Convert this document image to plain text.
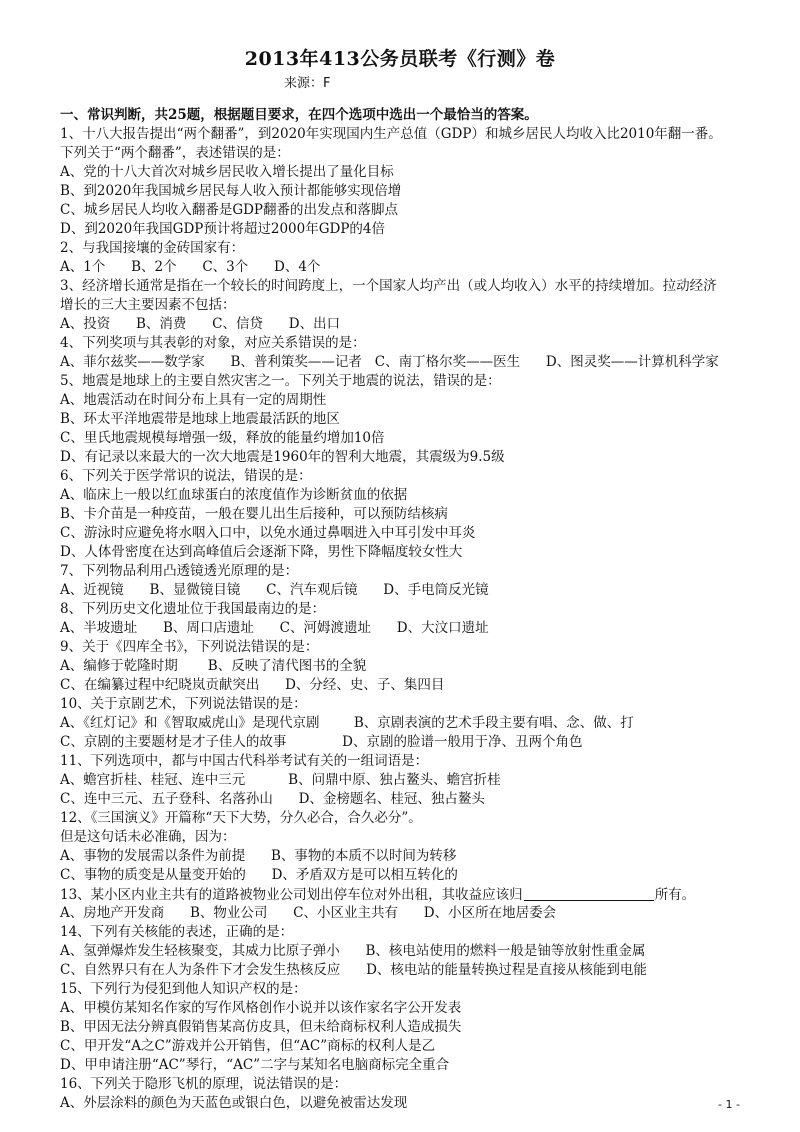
2013年413公务员联考《行测》卷
来源：F
一、常识判断，共25题，根据题目要求，在四个选项中选出一个最恰当的答案。
1、十八大报告提出“两个翻番”，到2020年实现国内生产总值（GDP）和城乡居民人均收入比2010年翻一番。
下列关于“两个翻番”，表述错误的是：
A、党的十八大首次对城乡居民收入增长提出了量化目标
B、到2020年我国城乡居民每人收入预计都能够实现倍增
C、城乡居民人均收入翻番是GDP翻番的出发点和落脚点
D、到2020年我国GDP预计将超过2000年GDP的4倍
2、与我国接壤的金砖国家有：
A、1个      B、2个      C、3个      D、4个
3、经济增长通常是指在一个较长的时间跨度上，一个国家人均产出（或人均收入）水平的持续增加。拉动经济
增长的三大主要因素不包括：
A、投资      B、消费      C、信贷      D、出口
4、下列奖项与其表彰的对象，对应关系错误的是：
A、菲尔兹奖——数学家      B、普利策奖——记者   C、南丁格尔奖——医生      D、图灵奖——计算机科学家
5、地震是地球上的主要自然灾害之一。下列关于地震的说法，错误的是：
A、地震活动在时间分布上具有一定的周期性
B、环太平洋地震带是地球上地震最活跃的地区
C、里氏地震规模每增强一级，释放的能量约增加10倍
D、有记录以来最大的一次大地震是1960年的智利大地震，其震级为9.5级
6、下列关于医学常识的说法，错误的是：
A、临床上一般以红血球蛋白的浓度值作为诊断贫血的依据
B、卡介苗是一种疫苗，一般在婴儿出生后接种，可以预防结核病
C、游泳时应避免将水咽入口中，以免水通过鼻咽进入中耳引发中耳炎
D、人体骨密度在达到高峰值后会逐渐下降，男性下降幅度较女性大
7、下列物品利用凸透镜透光原理的是：
A、近视镜      B、显微镜目镜      C、汽车观后镜      D、手电筒反光镜
8、下列历史文化遗址位于我国最南边的是：
A、半坡遗址      B、周口店遗址      C、河姆渡遗址      D、大汶口遗址
9、关于《四库全书》，下列说法错误的是：
A、编修于乾隆时期       B、反映了清代图书的全貌
C、在编纂过程中纪晓岚贡献突出      D、分经、史、子、集四目
10、关于京剧艺术，下列说法错误的是：
A、《红灯记》和《智取威虎山》是现代京剧        B、京剧表演的艺术手段主要有唱、念、做、打
C、京剧的主要题材是才子佳人的故事             D、京剧的脸谱一般用于净、丑两个角色
11、下列选项中，都与中国古代科举考试有关的一组词语是：
A、蟾宫折桂、桂冠、连中三元          B、问鼎中原、独占鳌头、蟾宫折桂
C、连中三元、五子登科、名落孙山      D、金榜题名、桂冠、独占鳌头
12、《三国演义》开篇称“天下大势，分久必合，合久必分”。
但是这句话未必准确，因为：
A、事物的发展需以条件为前提      B、事物的本质不以时间为转移
C、事物的质变是从量变开始的      D、矛盾双方是可以相互转化的
13、某小区内业主共有的道路被物业公司划出停车位对外出租，其收益应该归	所有。
A、房地产开发商      B、物业公司      C、小区业主共有      D、小区所在地居委会
14、下列有关核能的表述，正确的是：
A、氢弹爆炸发生轻核聚变，其威力比原子弹小      B、核电站使用的燃料一般是铀等放射性重金属
C、自然界只有在人为条件下才会发生热核反应      D、核电站的能量转换过程是直接从核能到电能
15、下列行为侵犯到他人知识产权的是：
A、甲模仿某知名作家的写作风格创作小说并以该作家名字公开发表
B、甲因无法分辨真假销售某高仿皮具，但未给商标权利人造成损失
C、甲开发“A之C”游戏并公开销售，但“AC”商标的权利人是乙
D、甲申请注册“AC”琴行，“AC”二字与某知名电脑商标完全重合
16、下列关于隐形飞机的原理，说法错误的是：
A、外层涂料的颜色为天蓝色或银白色，以避免被雷达发现	- 1 -
